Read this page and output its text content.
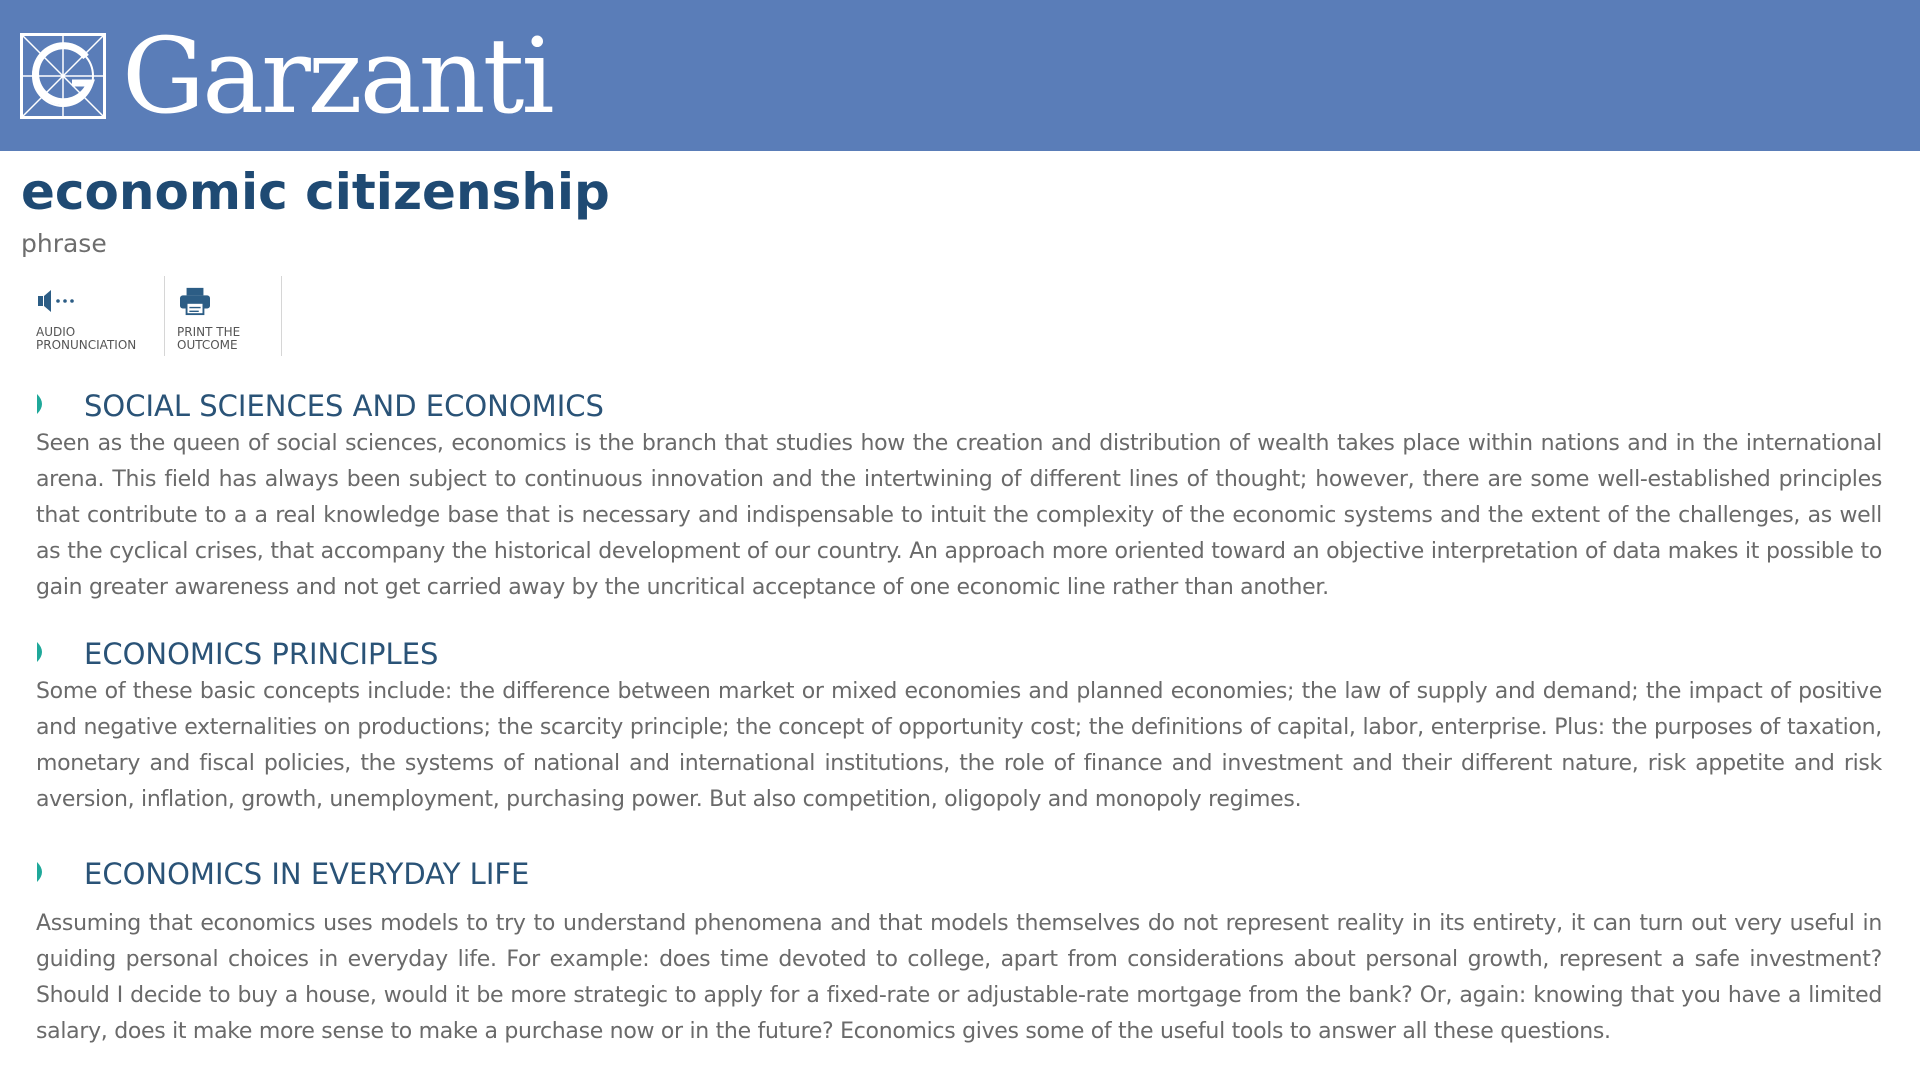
Garzanti
economic citizenship
phrase
AUDIO PRONUNCIATION
PRINT THE OUTCOME
SOCIAL SCIENCES AND ECONOMICS

Seen as the queen of social sciences, economics is the branch that studies how the creation and distribution of wealth takes place within nations and in the international arena. This field has always been subject to continuous innovation and the intertwining of different lines of thought; however, there are some well-established principles that contribute to a a real knowledge base that is necessary and indispensable to intuit the complexity of the economic systems and the extent of the challenges, as well as the cyclical crises, that accompany the historical development of our country. An approach more oriented toward an objective interpretation of data makes it possible to gain greater awareness and not get carried away by the uncritical acceptance of one economic line rather than another.

ECONOMICS PRINCIPLES

Some of these basic concepts include: the difference between market or mixed economies and planned economies; the law of supply and demand; the impact of positive and negative externalities on productions; the scarcity principle; the concept of opportunity cost; the definitions of capital, labor, enterprise. Plus: the purposes of taxation, monetary and fiscal policies, the systems of national and international institutions, the role of finance and investment and their different nature, risk appetite and risk aversion, inflation, growth, unemployment, purchasing power. But also competition, oligopoly and monopoly regimes.

ECONOMICS IN EVERYDAY LIFE

Assuming that economics uses models to try to understand phenomena and that models themselves do not represent reality in its entirety, it can turn out very useful in guiding personal choices in everyday life. For example: does time devoted to college, apart from considerations about personal growth, represent a safe investment? Should I decide to buy a house, would it be more strategic to apply for a fixed-rate or adjustable-rate mortgage from the bank? Or, again: knowing that you have a limited salary, does it make more sense to make a purchase now or in the future? Economics gives some of the useful tools to answer all these questions.
